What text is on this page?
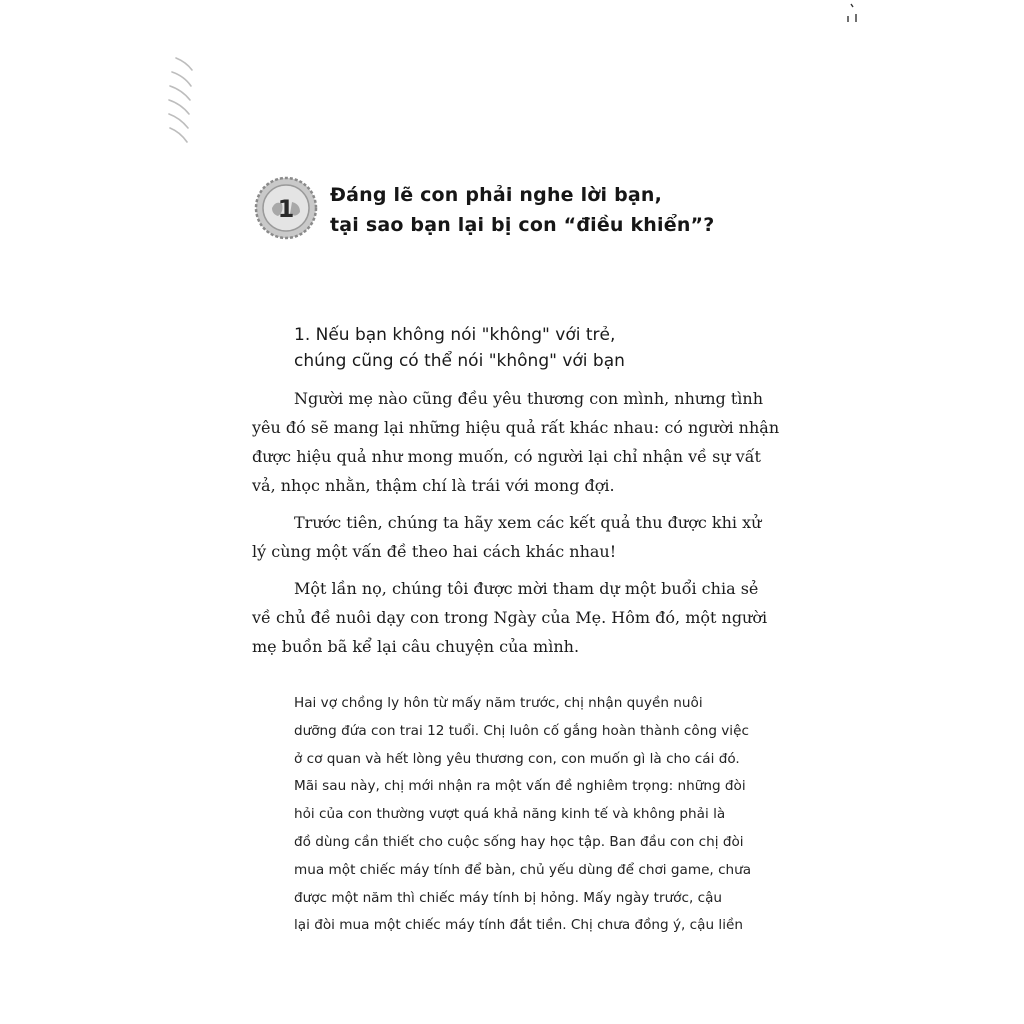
1 Đáng lẽ con phải nghe lời bạn,
tại sao bạn lại bị con “điều khiển”?
1. Nếu bạn không nói "không" với trẻ,
chúng cũng có thể nói "không" với bạn

Người mẹ nào cũng đều yêu thương con mình, nhưng tình
yêu đó sẽ mang lại những hiệu quả rất khác nhau: có người nhận
được hiệu quả như mong muốn, có người lại chỉ nhận về sự vất
vả, nhọc nhằn, thậm chí là trái với mong đợi.

Trước tiên, chúng ta hãy xem các kết quả thu được khi xử
lý cùng một vấn đề theo hai cách khác nhau!

Một lần nọ, chúng tôi được mời tham dự một buổi chia sẻ
về chủ đề nuôi dạy con trong Ngày của Mẹ. Hôm đó, một người
mẹ buồn bã kể lại câu chuyện của mình.

Hai vợ chồng ly hôn từ mấy năm trước, chị nhận quyền nuôi
dưỡng đứa con trai 12 tuổi. Chị luôn cố gắng hoàn thành công việc
ở cơ quan và hết lòng yêu thương con, con muốn gì là cho cái đó.
Mãi sau này, chị mới nhận ra một vấn đề nghiêm trọng: những đòi
hỏi của con thường vượt quá khả năng kinh tế và không phải là
đồ dùng cần thiết cho cuộc sống hay học tập. Ban đầu con chị đòi
mua một chiếc máy tính để bàn, chủ yếu dùng để chơi game, chưa
được một năm thì chiếc máy tính bị hỏng. Mấy ngày trước, cậu
lại đòi mua một chiếc máy tính đắt tiền. Chị chưa đồng ý, cậu liền
